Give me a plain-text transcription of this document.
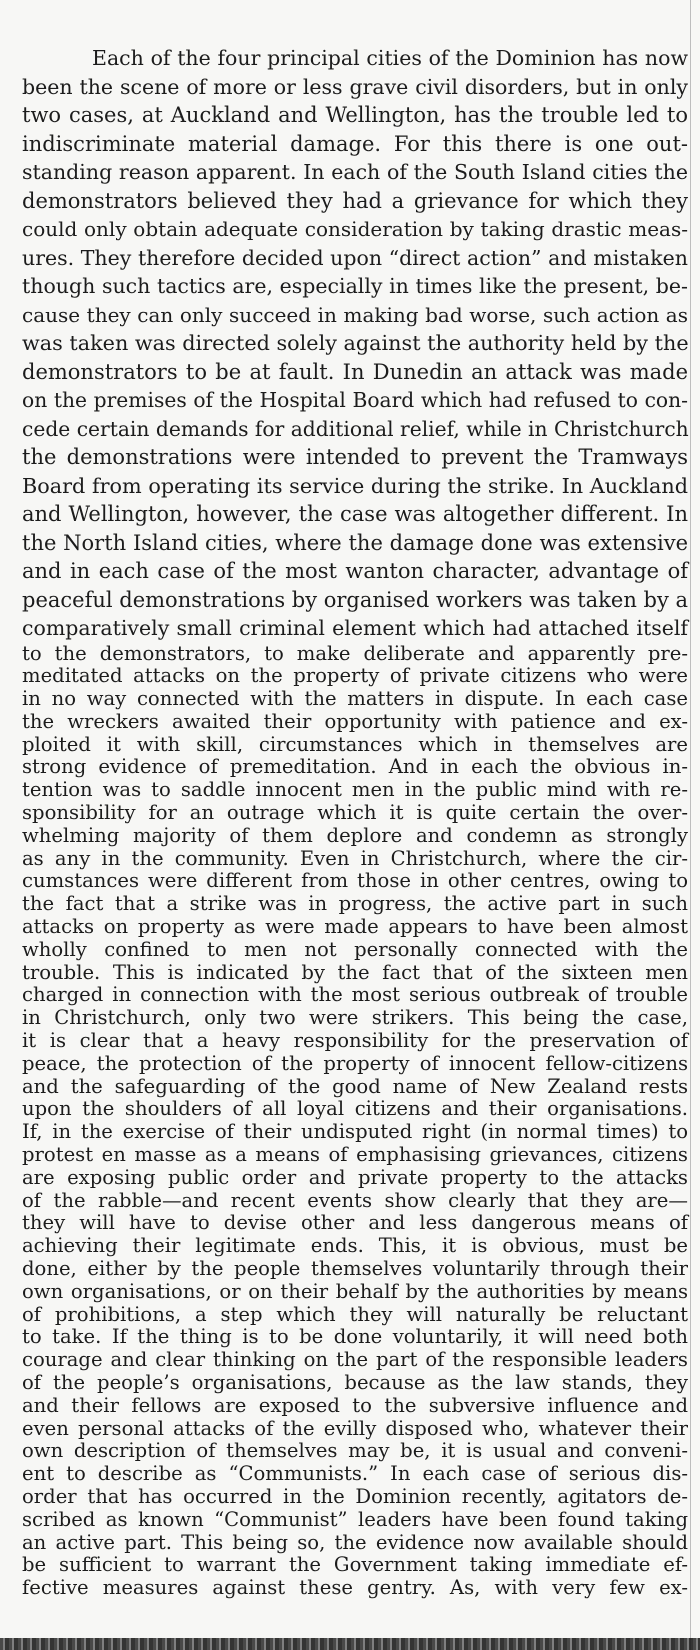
Each of the four principal cities of the Dominion has now
been the scene of more or less grave civil disorders, but in only
two cases, at Auckland and Wellington, has the trouble led to
indiscriminate material damage. For this there is one out-
standing reason apparent. In each of the South Island cities the
demonstrators believed they had a grievance for which they
could only obtain adequate consideration by taking drastic meas-
ures. They therefore decided upon “direct action” and mistaken
though such tactics are, especially in times like the present, be-
cause they can only succeed in making bad worse, such action as
was taken was directed solely against the authority held by the
demonstrators to be at fault. In Dunedin an attack was made
on the premises of the Hospital Board which had refused to con-
cede certain demands for additional relief, while in Christchurch
the demonstrations were intended to prevent the Tramways
Board from operating its service during the strike. In Auckland
and Wellington, however, the case was altogether different. In
the North Island cities, where the damage done was extensive
and in each case of the most wanton character, advantage of
peaceful demonstrations by organised workers was taken by a
comparatively small criminal element which had attached itself
to the demonstrators, to make deliberate and apparently pre-
meditated attacks on the property of private citizens who were
in no way connected with the matters in dispute. In each case
the wreckers awaited their opportunity with patience and ex-
ploited it with skill, circumstances which in themselves are
strong evidence of premeditation. And in each the obvious in-
tention was to saddle innocent men in the public mind with re-
sponsibility for an outrage which it is quite certain the over-
whelming majority of them deplore and condemn as strongly
as any in the community. Even in Christchurch, where the cir-
cumstances were different from those in other centres, owing to
the fact that a strike was in progress, the active part in such
attacks on property as were made appears to have been almost
wholly confined to men not personally connected with the
trouble. This is indicated by the fact that of the sixteen men
charged in connection with the most serious outbreak of trouble
in Christchurch, only two were strikers. This being the case,
it is clear that a heavy responsibility for the preservation of
peace, the protection of the property of innocent fellow-citizens
and the safeguarding of the good name of New Zealand rests
upon the shoulders of all loyal citizens and their organisations.
If, in the exercise of their undisputed right (in normal times) to
protest en masse as a means of emphasising grievances, citizens
are exposing public order and private property to the attacks
of the rabble—and recent events show clearly that they are—
they will have to devise other and less dangerous means of
achieving their legitimate ends. This, it is obvious, must be
done, either by the people themselves voluntarily through their
own organisations, or on their behalf by the authorities by means
of prohibitions, a step which they will naturally be reluctant
to take. If the thing is to be done voluntarily, it will need both
courage and clear thinking on the part of the responsible leaders
of the people’s organisations, because as the law stands, they
and their fellows are exposed to the subversive influence and
even personal attacks of the evilly disposed who, whatever their
own description of themselves may be, it is usual and conveni-
ent to describe as “Communists.” In each case of serious dis-
order that has occurred in the Dominion recently, agitators de-
scribed as known “Communist” leaders have been found taking
an active part. This being so, the evidence now available should
be sufficient to warrant the Government taking immediate ef-
fective measures against these gentry. As, with very few ex-
